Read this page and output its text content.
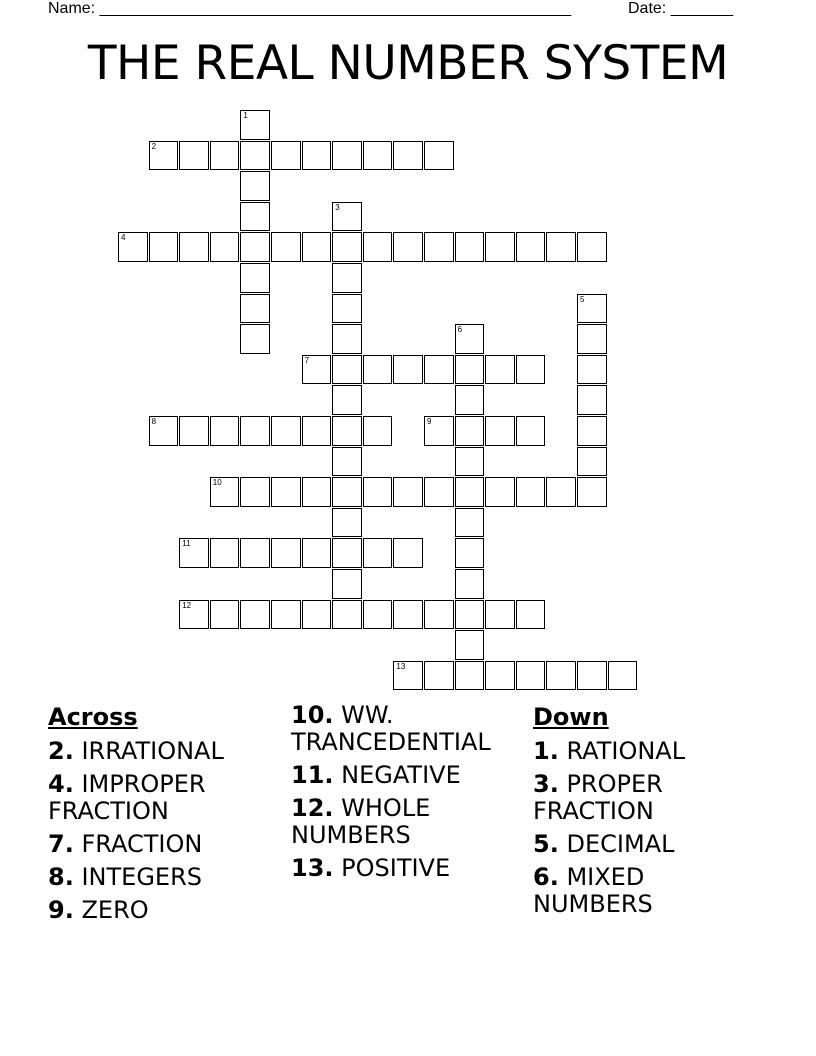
Name: _____________________________________________________	Date: _______
THE REAL NUMBER SYSTEM
1
2
3
4
5
6
7
8	9
10
11
12
13
Across
2. IRRATIONAL
4. IMPROPER FRACTION
7. FRACTION
8. INTEGERS
9. ZERO
10. WW. TRANCEDENTIAL
11. NEGATIVE
12. WHOLE NUMBERS
13. POSITIVE
Down
1. RATIONAL
3. PROPER FRACTION
5. DECIMAL
6. MIXED NUMBERS
